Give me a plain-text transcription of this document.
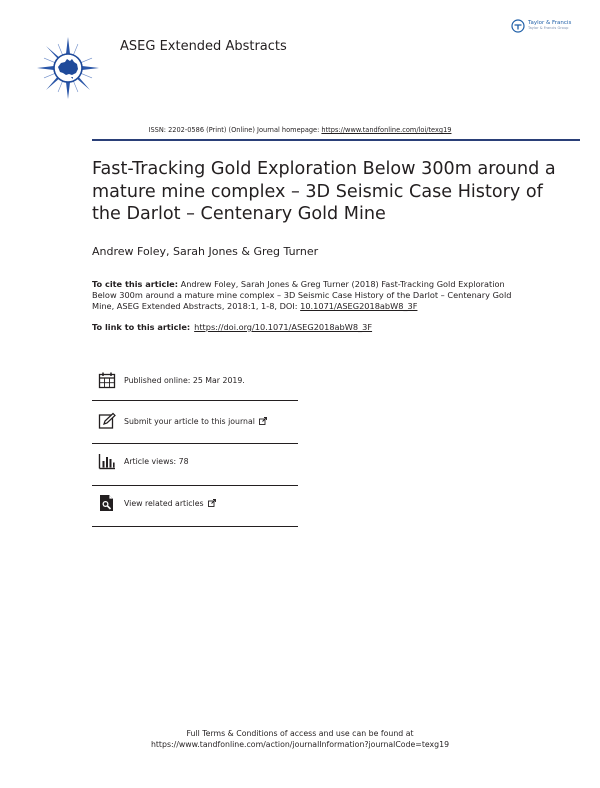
ASEG Extended Abstracts
Taylor & Francis
Taylor & Francis Group
ISSN: 2202-0586 (Print) (Online) Journal homepage: https://www.tandfonline.com/loi/texg19
Fast-Tracking Gold Exploration Below 300m around a mature mine complex – 3D Seismic Case History of the Darlot – Centenary Gold Mine
Andrew Foley, Sarah Jones & Greg Turner
To cite this article: Andrew Foley, Sarah Jones & Greg Turner (2018) Fast-Tracking Gold Exploration Below 300m around a mature mine complex – 3D Seismic Case History of the Darlot – Centenary Gold Mine, ASEG Extended Abstracts, 2018:1, 1-8, DOI: 10.1071/ASEG2018abW8_3F
To link to this article: https://doi.org/10.1071/ASEG2018abW8_3F
Published online: 25 Mar 2019.
Submit your article to this journal
Article views: 78
View related articles
Full Terms & Conditions of access and use can be found at
https://www.tandfonline.com/action/journalInformation?journalCode=texg19
